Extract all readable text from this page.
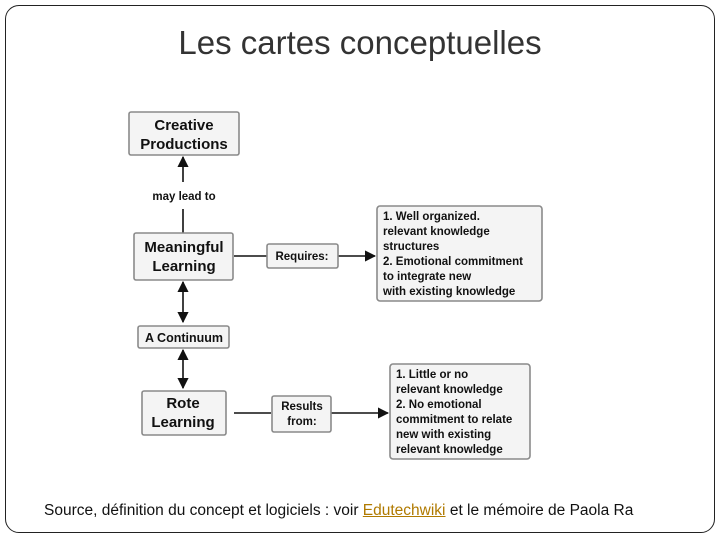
Les cartes conceptuelles
Creative
Productions
may lead to
Meaningful
Learning
Requires:
1. Well organized.
relevant knowledge
structures
2. Emotional commitment
to integrate new
with existing knowledge
A Continuum
Rote
Learning
Results
from:
1. Little or no
relevant knowledge
2. No emotional
commitment to relate
new with existing
relevant knowledge
Source, définition du concept et logiciels : voir Edutechwiki et le mémoire de Paola Ra
